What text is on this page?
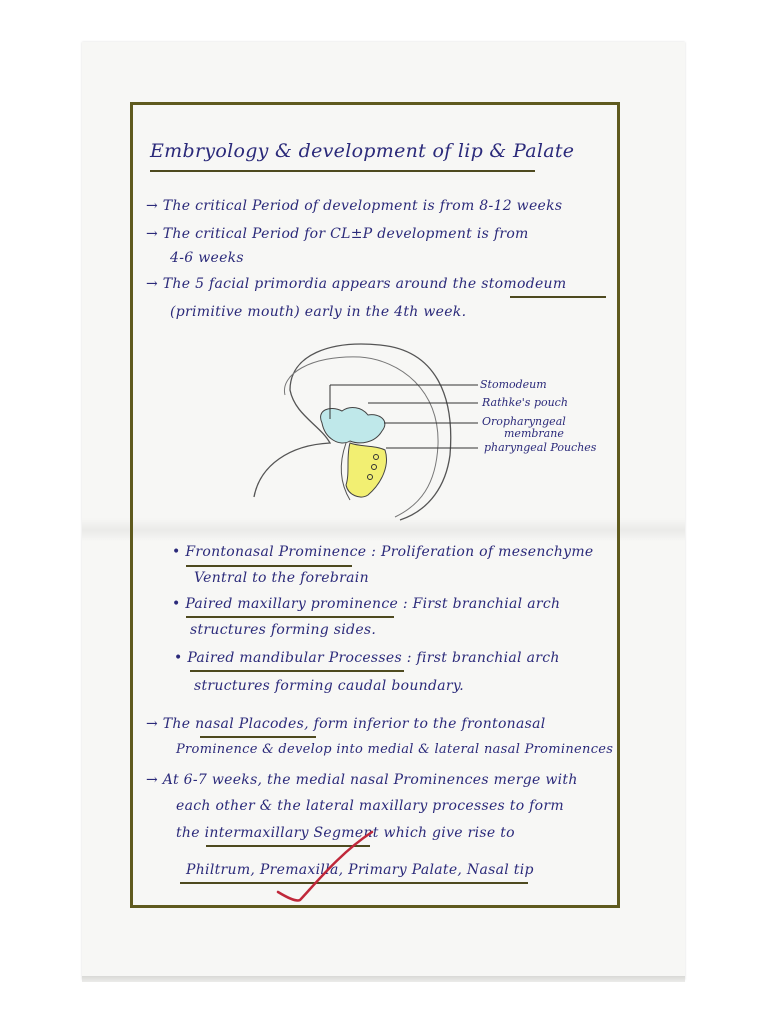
Embryology & development of lip & Palate
→ The critical Period of development is from 8-12 weeks
→ The critical Period for CL±P development is from
4-6 weeks
→ The 5 facial primordia appears around the stomodeum
(primitive mouth) early in the 4th week.
Stomodeum
Rathke's pouch
Oropharyngeal
membrane
pharyngeal Pouches
• Frontonasal Prominence : Proliferation of mesenchyme
Ventral to the forebrain
• Paired maxillary prominence : First branchial arch
structures forming sides.
• Paired mandibular Processes : first branchial arch
structures forming caudal boundary.
→ The nasal Placodes, form inferior to the frontonasal
Prominence & develop into medial & lateral nasal Prominences
→ At 6-7 weeks, the medial nasal Prominences merge with
each other & the lateral maxillary processes to form
the intermaxillary Segment which give rise to
Philtrum, Premaxilla, Primary Palate, Nasal tip
